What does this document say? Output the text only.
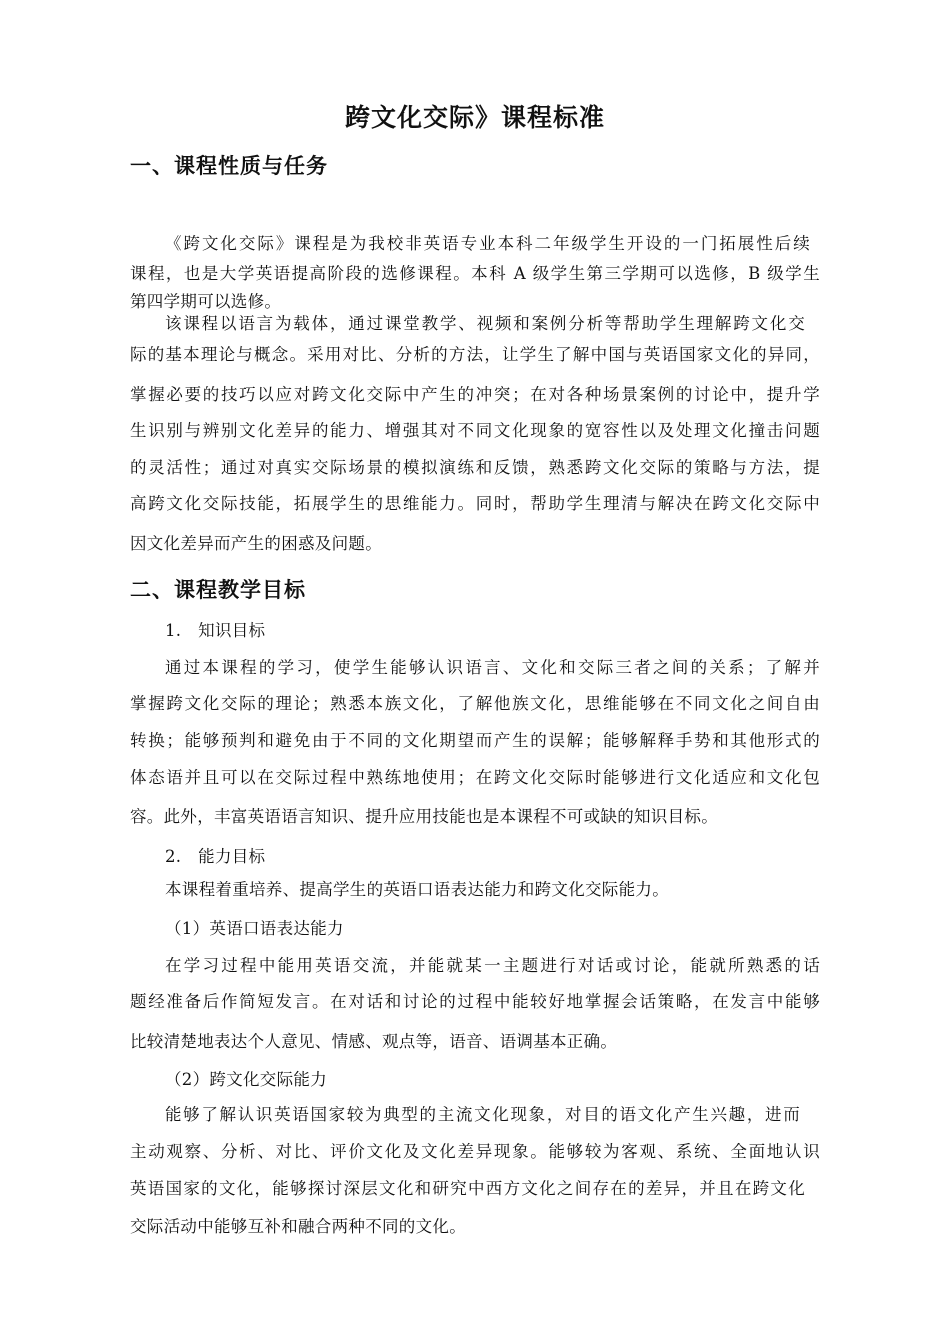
跨文化交际》课程标准
一、课程性质与任务
《跨文化交际》课程是为我校非英语专业本科二年级学生开设的一门拓展性后续
课程，也是大学英语提高阶段的选修课程。本科 A 级学生第三学期可以选修，B 级学生
第四学期可以选修。
该课程以语言为载体，通过课堂教学、视频和案例分析等帮助学生理解跨文化交
际的基本理论与概念。采用对比、分析的方法，让学生了解中国与英语国家文化的异同，
掌握必要的技巧以应对跨文化交际中产生的冲突；在对各种场景案例的讨论中，提升学
生识别与辨别文化差异的能力、增强其对不同文化现象的宽容性以及处理文化撞击问题
的灵活性；通过对真实交际场景的模拟演练和反馈，熟悉跨文化交际的策略与方法，提
高跨文化交际技能，拓展学生的思维能力。同时，帮助学生理清与解决在跨文化交际中
因文化差异而产生的困惑及问题。
二、课程教学目标
1.　知识目标
通过本课程的学习，使学生能够认识语言、文化和交际三者之间的关系；了解并
掌握跨文化交际的理论；熟悉本族文化，了解他族文化，思维能够在不同文化之间自由
转换；能够预判和避免由于不同的文化期望而产生的误解；能够解释手势和其他形式的
体态语并且可以在交际过程中熟练地使用；在跨文化交际时能够进行文化适应和文化包
容。此外，丰富英语语言知识、提升应用技能也是本课程不可或缺的知识目标。
2.　能力目标
本课程着重培养、提高学生的英语口语表达能力和跨文化交际能力。
（1）英语口语表达能力
在学习过程中能用英语交流，并能就某一主题进行对话或讨论，能就所熟悉的话
题经准备后作简短发言。在对话和讨论的过程中能较好地掌握会话策略，在发言中能够
比较清楚地表达个人意见、情感、观点等，语音、语调基本正确。
（2）跨文化交际能力
能够了解认识英语国家较为典型的主流文化现象，对目的语文化产生兴趣，进而
主动观察、分析、对比、评价文化及文化差异现象。能够较为客观、系统、全面地认识
英语国家的文化，能够探讨深层文化和研究中西方文化之间存在的差异，并且在跨文化
交际活动中能够互补和融合两种不同的文化。
